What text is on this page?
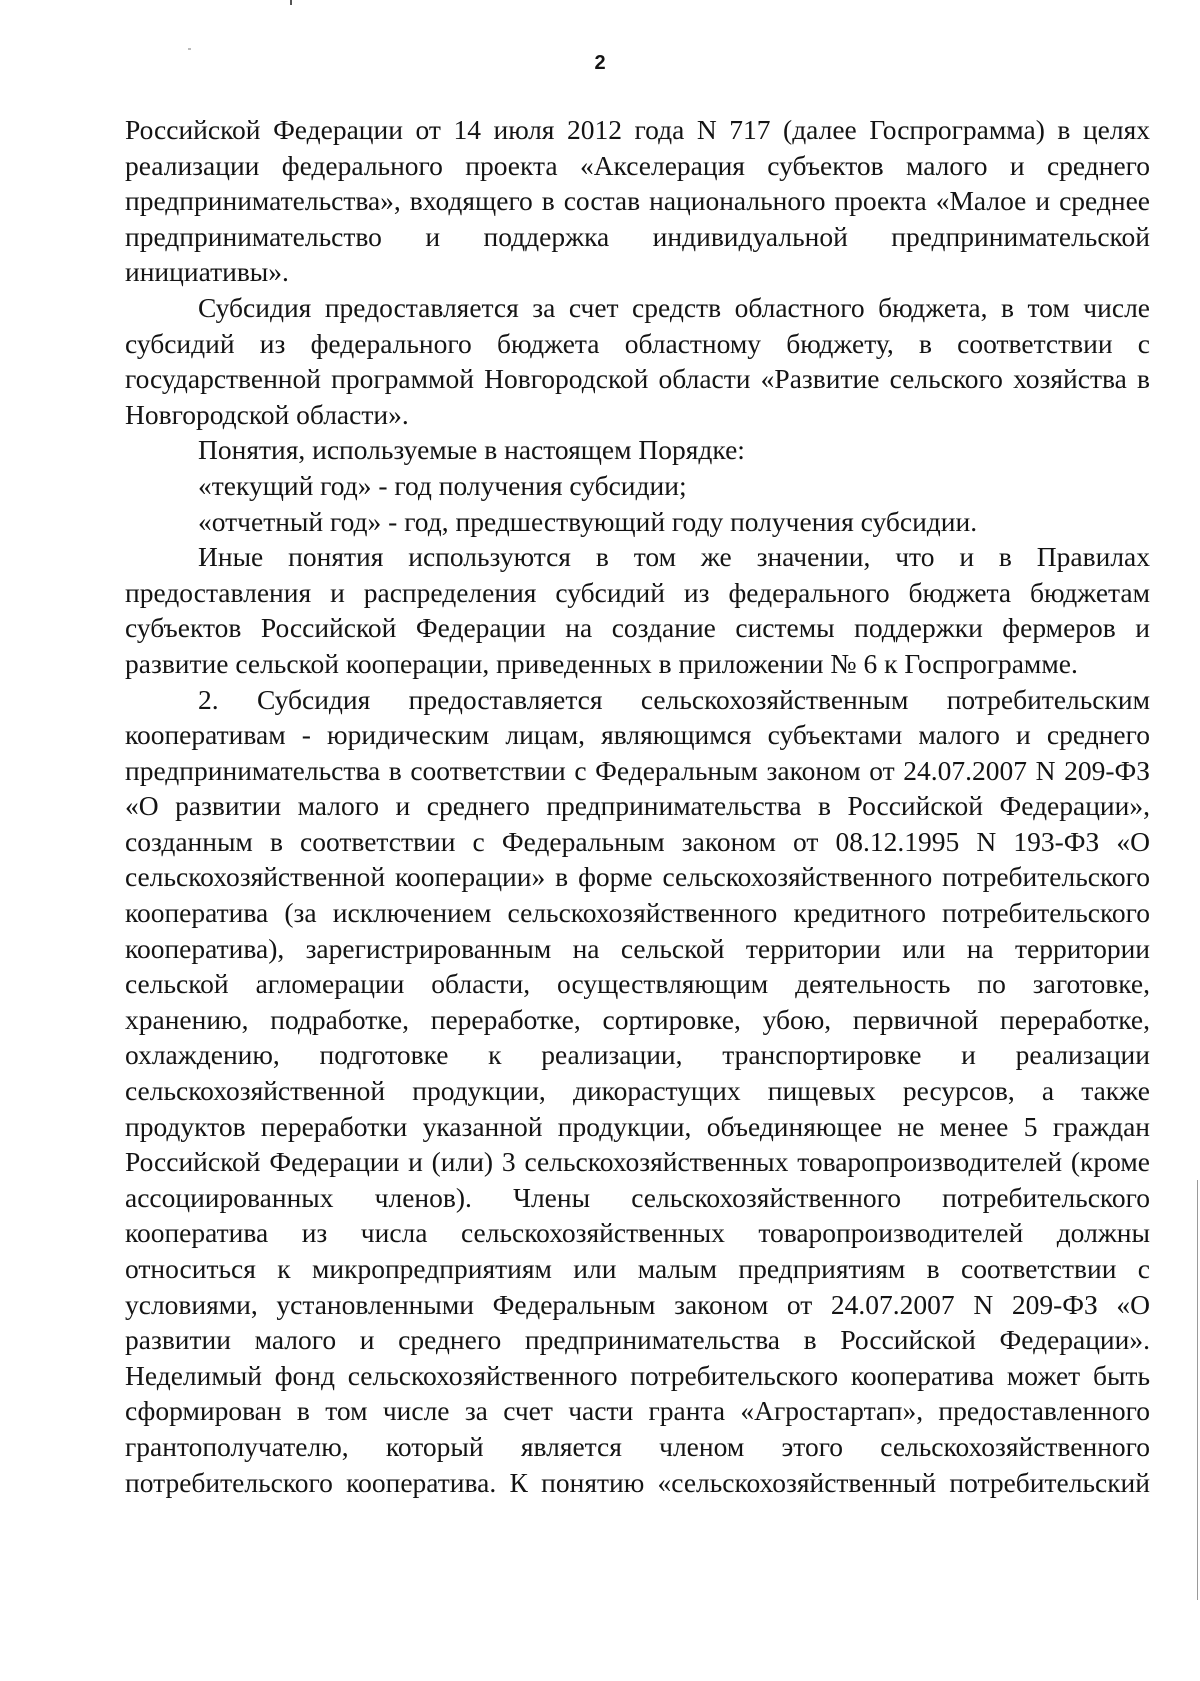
2

Российской Федерации от 14 июля 2012 года N 717 (далее Госпрограмма) в целях реализации федерального проекта «Акселерация субъектов малого и среднего предпринимательства», входящего в состав национального проекта «Малое и среднее предпринимательство и поддержка индивидуальной предпринимательской инициативы».

Субсидия предоставляется за счет средств областного бюджета, в том числе субсидий из федерального бюджета областному бюджету, в соответствии с государственной программой Новгородской области «Развитие сельского хозяйства в Новгородской области».

Понятия, используемые в настоящем Порядке:

«текущий год» - год получения субсидии;

«отчетный год» - год, предшествующий году получения субсидии.

Иные понятия используются в том же значении, что и в Правилах предоставления и распределения субсидий из федерального бюджета бюджетам субъектов Российской Федерации на создание системы поддержки фермеров и развитие сельской кооперации, приведенных в приложении № 6 к Госпрограмме.

2. Субсидия предоставляется сельскохозяйственным потребительским кооперативам - юридическим лицам, являющимся субъектами малого и среднего предпринимательства в соответствии с Федеральным законом от 24.07.2007 N 209-ФЗ «О развитии малого и среднего предпринимательства в Российской Федерации», созданным в соответствии с Федеральным законом от 08.12.1995 N 193-ФЗ «О сельскохозяйственной кооперации» в форме сельскохозяйственного потребительского кооператива (за исключением сельскохозяйственного кредитного потребительского кооператива), зарегистрированным на сельской территории или на территории сельской агломерации области, осуществляющим деятельность по заготовке, хранению, подработке, переработке, сортировке, убою, первичной переработке, охлаждению, подготовке к реализации, транспортировке и реализации сельскохозяйственной продукции, дикорастущих пищевых ресурсов, а также продуктов переработки указанной продукции, объединяющее не менее 5 граждан Российской Федерации и (или) 3 сельскохозяйственных товаропроизводителей (кроме ассоциированных членов). Члены сельскохозяйственного потребительского кооператива из числа сельскохозяйственных товаропроизводителей должны относиться к микропредприятиям или малым предприятиям в соответствии с условиями, установленными Федеральным законом от 24.07.2007 N 209-ФЗ «О развитии малого и среднего предпринимательства в Российской Федерации». Неделимый фонд сельскохозяйственного потребительского кооператива может быть сформирован в том числе за счет части гранта «Агростартап», предоставленного грантополучателю, который является членом этого сельскохозяйственного потребительского кооператива. К понятию «сельскохозяйственный потребительский
